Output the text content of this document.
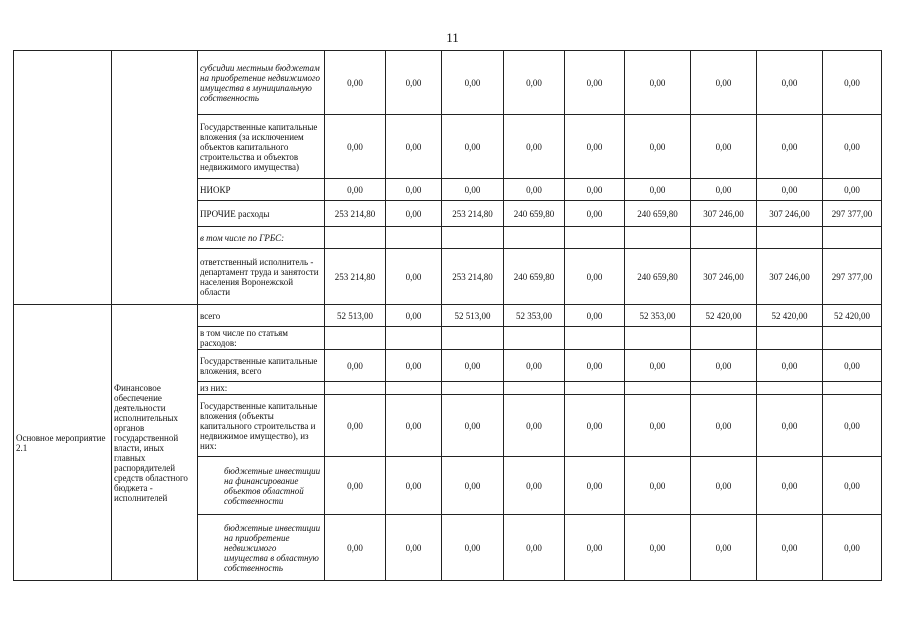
11
		субсидии местным бюджетам на приобретение недвижимого имущества в муниципальную собственность	0,00	0,00	0,00	0,00	0,00	0,00	0,00	0,00	0,00
		Государственные капитальные вложения (за исключением объектов капитального строительства и объектов недвижимого имущества)	0,00	0,00	0,00	0,00	0,00	0,00	0,00	0,00	0,00
		НИОКР	0,00	0,00	0,00	0,00	0,00	0,00	0,00	0,00	0,00
		ПРОЧИЕ расходы	253 214,80	0,00	253 214,80	240 659,80	0,00	240 659,80	307 246,00	307 246,00	297 377,00
		в том числе по ГРБС:									
		ответственный исполнитель - департамент труда и занятости населения Воронежской области	253 214,80	0,00	253 214,80	240 659,80	0,00	240 659,80	307 246,00	307 246,00	297 377,00
Основное мероприятие 2.1	Финансовое обеспечение деятельности исполнительных органов государственной власти, иных главных распорядителей средств областного бюджета - исполнителей	всего	52 513,00	0,00	52 513,00	52 353,00	0,00	52 353,00	52 420,00	52 420,00	52 420,00
		в том числе по статьям расходов:									
		Государственные капитальные вложения, всего	0,00	0,00	0,00	0,00	0,00	0,00	0,00	0,00	0,00
		из них:									
		Государственные капитальные вложения (объекты капитального строительства и недвижимое имущество), из них:	0,00	0,00	0,00	0,00	0,00	0,00	0,00	0,00	0,00
		бюджетные инвестиции на финансирование объектов областной собственности	0,00	0,00	0,00	0,00	0,00	0,00	0,00	0,00	0,00
		бюджетные инвестиции на приобретение недвижимого имущества в областную собственность	0,00	0,00	0,00	0,00	0,00	0,00	0,00	0,00	0,00
